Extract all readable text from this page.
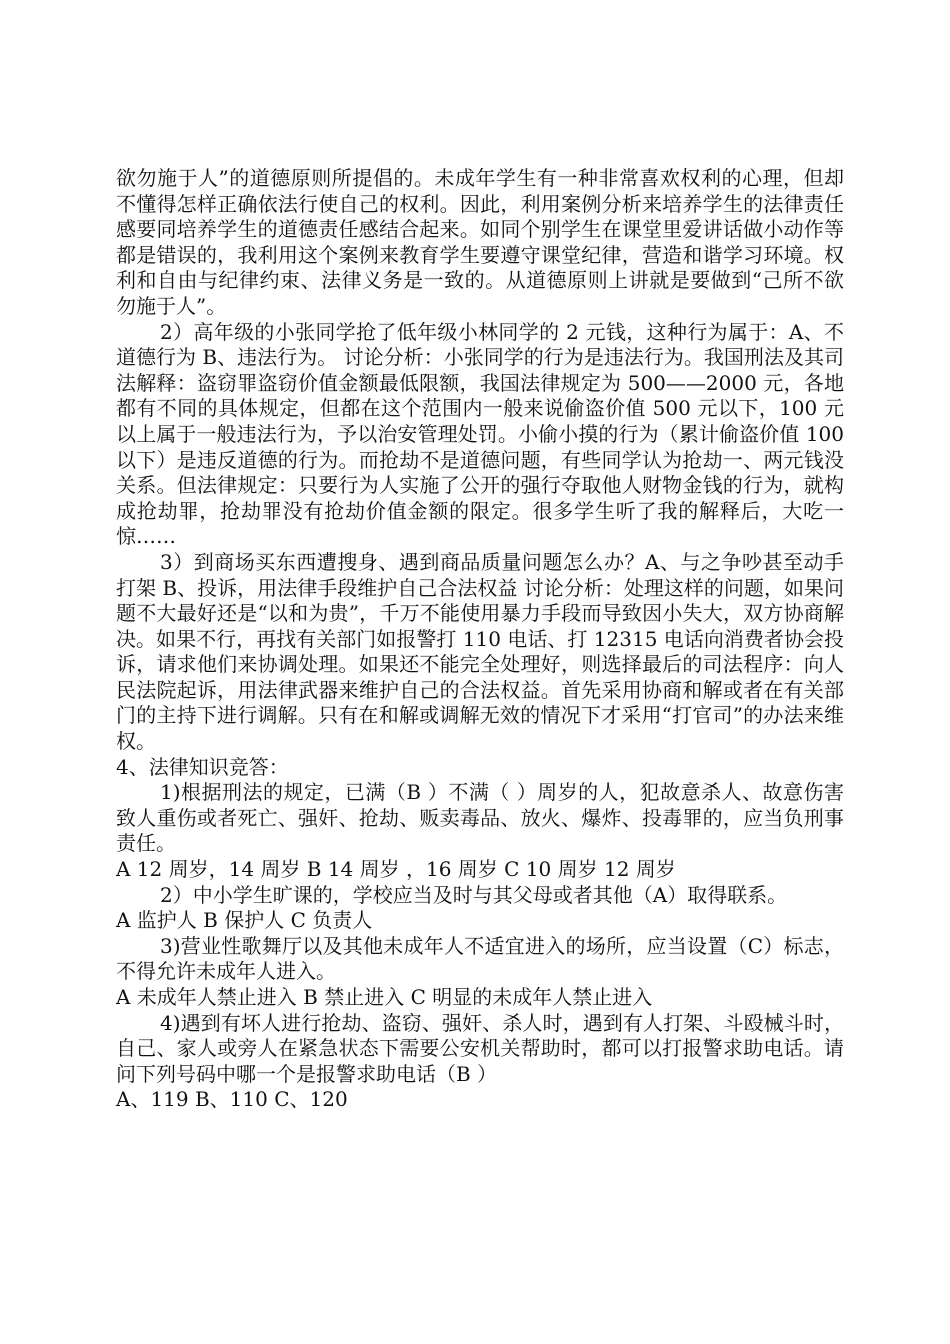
欲勿施于人”的道德原则所提倡的。未成年学生有一种非常喜欢权利的心理，但却不懂得怎样正确依法行使自己的权利。因此，利用案例分析来培养学生的法律责任感要同培养学生的道德责任感结合起来。如同个别学生在课堂里爱讲话做小动作等都是错误的，我利用这个案例来教育学生要遵守课堂纪律，营造和谐学习环境。权利和自由与纪律约束、法律义务是一致的。从道德原则上讲就是要做到“己所不欲勿施于人”。

2）高年级的小张同学抢了低年级小林同学的 2 元钱，这种行为属于：A、不道德行为 B、违法行为。 讨论分析：小张同学的行为是违法行为。我国刑法及其司法解释：盗窃罪盗窃价值金额最低限额，我国法律规定为 500——2000 元，各地都有不同的具体规定，但都在这个范围内一般来说偷盗价值 500 元以下，100 元以上属于一般违法行为，予以治安管理处罚。小偷小摸的行为（累计偷盗价值 100 以下）是违反道德的行为。而抢劫不是道德问题，有些同学认为抢劫一、两元钱没关系。但法律规定：只要行为人实施了公开的强行夺取他人财物金钱的行为，就构成抢劫罪，抢劫罪没有抢劫价值金额的限定。很多学生听了我的解释后，大吃一惊……

3）到商场买东西遭搜身、遇到商品质量问题怎么办？A、与之争吵甚至动手打架 B、投诉，用法律手段维护自己合法权益 讨论分析：处理这样的问题，如果问题不大最好还是“以和为贵”，千万不能使用暴力手段而导致因小失大，双方协商解决。如果不行，再找有关部门如报警打 110 电话、打 12315 电话向消费者协会投诉，请求他们来协调处理。如果还不能完全处理好，则选择最后的司法程序：向人民法院起诉，用法律武器来维护自己的合法权益。首先采用协商和解或者在有关部门的主持下进行调解。只有在和解或调解无效的情况下才采用“打官司”的办法来维权。

4、法律知识竞答：

1)根据刑法的规定，已满（B ）不满（ ）周岁的人，犯故意杀人、故意伤害致人重伤或者死亡、强奸、抢劫、贩卖毒品、放火、爆炸、投毒罪的，应当负刑事责任。

A 12 周岁，14 周岁 B 14 周岁 ，16 周岁 C 10 周岁 12 周岁

2）中小学生旷课的，学校应当及时与其父母或者其他（A）取得联系。

A 监护人 B 保护人 C 负责人

3)营业性歌舞厅以及其他未成年人不适宜进入的场所，应当设置（C）标志，不得允许未成年人进入。

A 未成年人禁止进入 B 禁止进入 C 明显的未成年人禁止进入

4)遇到有坏人进行抢劫、盗窃、强奸、杀人时，遇到有人打架、斗殴械斗时，自己、家人或旁人在紧急状态下需要公安机关帮助时，都可以打报警求助电话。请问下列号码中哪一个是报警求助电话（B ）

A、119 B、110 C、120
